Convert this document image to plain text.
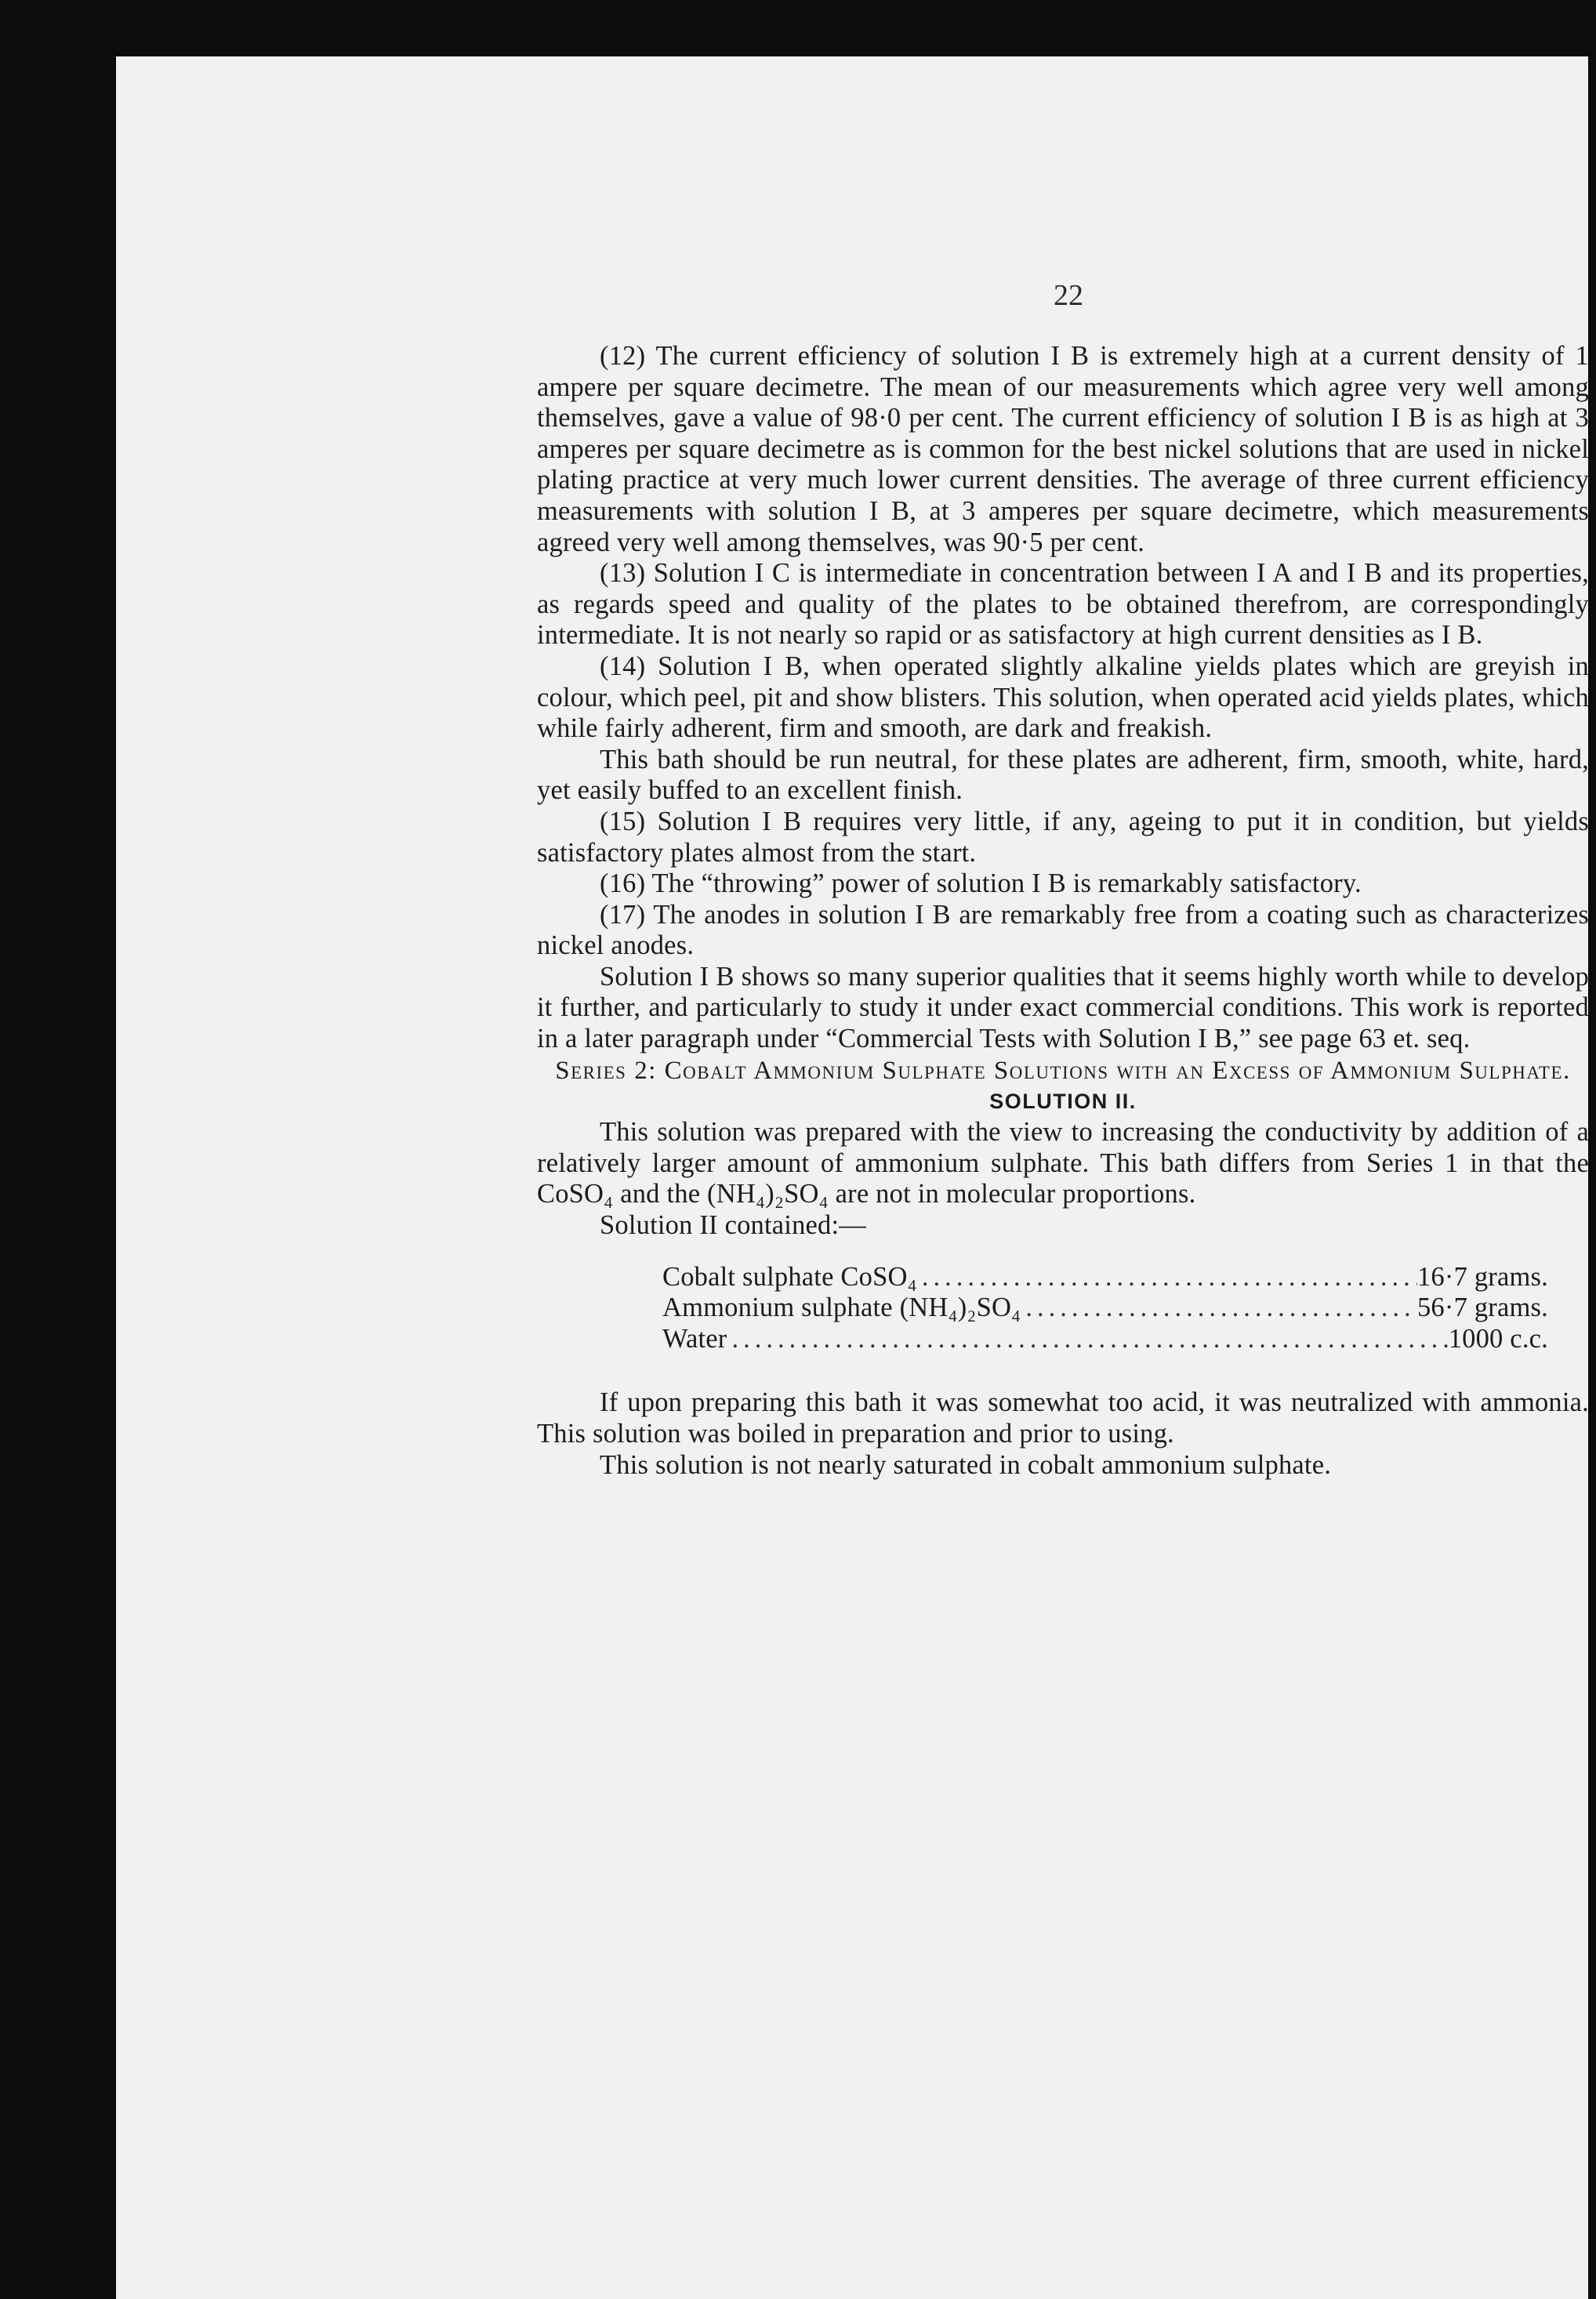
22

(12) The current efficiency of solution I B is extremely high at a current density of 1 ampere per square decimetre. The mean of our measurements which agree very well among themselves, gave a value of 98·0 per cent. The current efficiency of solution I B is as high at 3 amperes per square decimetre as is common for the best nickel solutions that are used in nickel plating practice at very much lower current densities. The average of three current efficiency measurements with solution I B, at 3 amperes per square decimetre, which measurements agreed very well among themselves, was 90·5 per cent.

(13) Solution I C is intermediate in concentration between I A and I B and its properties, as regards speed and quality of the plates to be obtained therefrom, are correspondingly intermediate. It is not nearly so rapid or as satisfactory at high current densities as I B.

(14) Solution I B, when operated slightly alkaline yields plates which are greyish in colour, which peel, pit and show blisters. This solution, when operated acid yields plates, which while fairly adherent, firm and smooth, are dark and freakish.

This bath should be run neutral, for these plates are adherent, firm, smooth, white, hard, yet easily buffed to an excellent finish.

(15) Solution I B requires very little, if any, ageing to put it in condition, but yields satisfactory plates almost from the start.

(16) The “throwing” power of solution I B is remarkably satisfactory.

(17) The anodes in solution I B are remarkably free from a coating such as characterizes nickel anodes.

Solution I B shows so many superior qualities that it seems highly worth while to develop it further, and particularly to study it under exact commercial conditions. This work is reported in a later paragraph under “Commercial Tests with Solution I B,” see page 63 et. seq.

Series 2: Cobalt Ammonium Sulphate Solutions with an Excess of Ammonium Sulphate.

SOLUTION II.

This solution was prepared with the view to increasing the conductivity by addition of a relatively larger amount of ammonium sulphate. This bath differs from Series 1 in that the CoSO₄ and the (NH₄)₂SO₄ are not in molecular proportions.

Solution II contained:—

Cobalt sulphate CoSO₄ .....	16·7 grams.
Ammonium sulphate (NH₄)₂SO₄ .....	56·7 grams.
Water .....	1000 c.c.

If upon preparing this bath it was somewhat too acid, it was neutralized with ammonia. This solution was boiled in preparation and prior to using.

This solution is not nearly saturated in cobalt ammonium sulphate.
